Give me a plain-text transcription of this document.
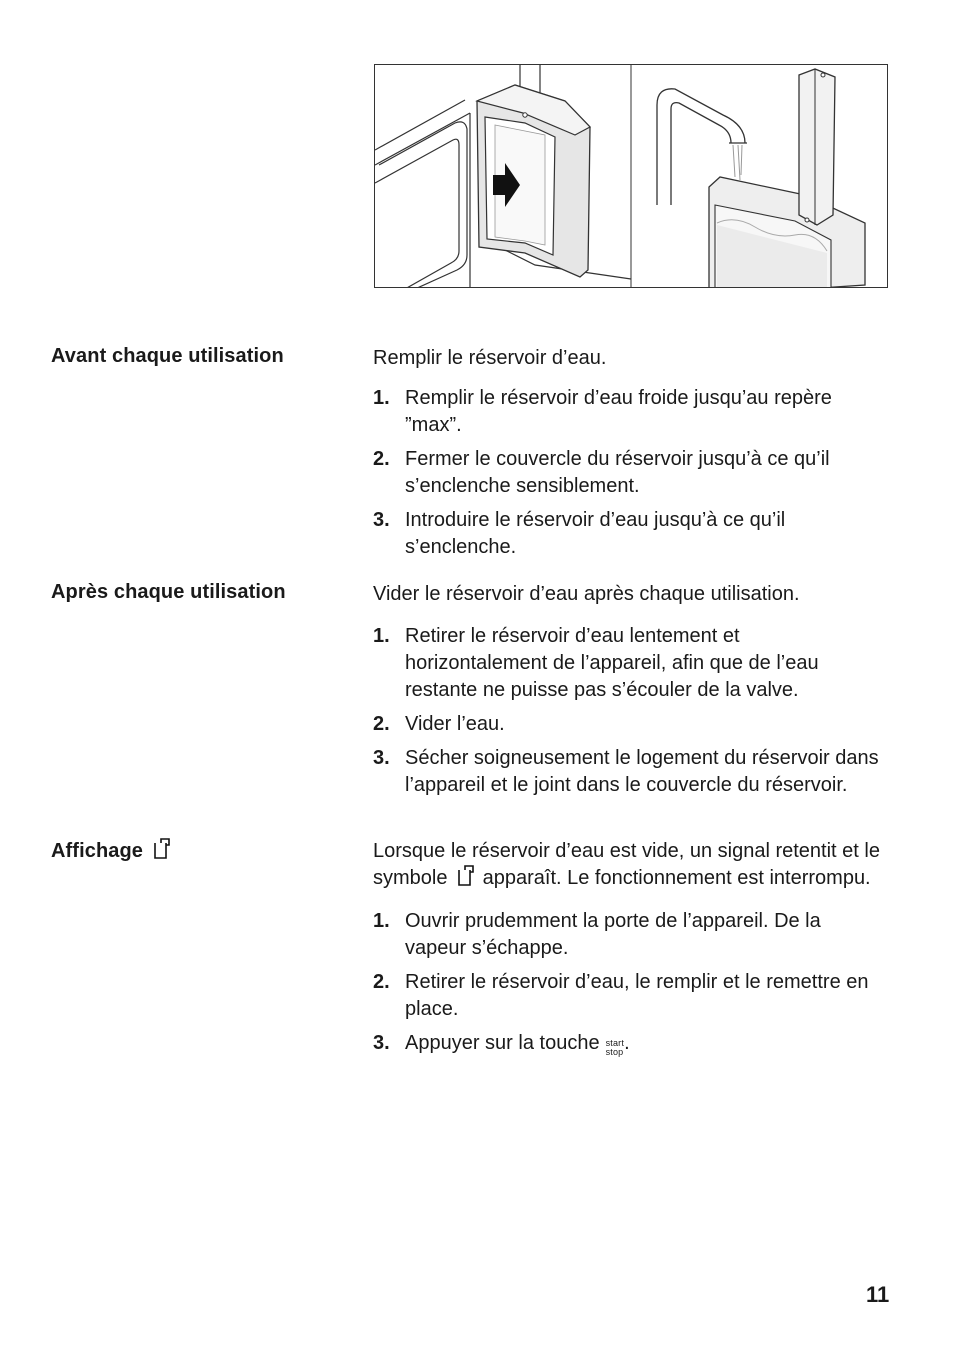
Avant chaque utilisation	Remplir le réservoir d’eau.

1. Remplir le réservoir d’eau froide jusqu’au repère
”max”.
2. Fermer le couvercle du réservoir jusqu’à ce qu’il s’enclenche sensiblement.
3. Introduire le réservoir d’eau jusqu’à ce qu’il s’enclenche.
Après chaque utilisation	Vider le réservoir d’eau après chaque utilisation.

1. Retirer le réservoir d’eau lentement et horizontalement de l’appareil, afin que de l’eau restante ne puisse pas s’écouler de la valve.
2. Vider l’eau.
3. Sécher soigneusement le logement du réservoir dans l’appareil et le joint dans le couvercle du réservoir.
Affichage	Lorsque le réservoir d’eau est vide, un signal retentit et le symbole apparaît. Le fonctionnement est interrompu.

1. Ouvrir prudemment la porte de l’appareil. De la vapeur s’échappe.
2. Retirer le réservoir d’eau, le remplir et le remettre en place.
3. Appuyer sur la touche start
stop .
11
